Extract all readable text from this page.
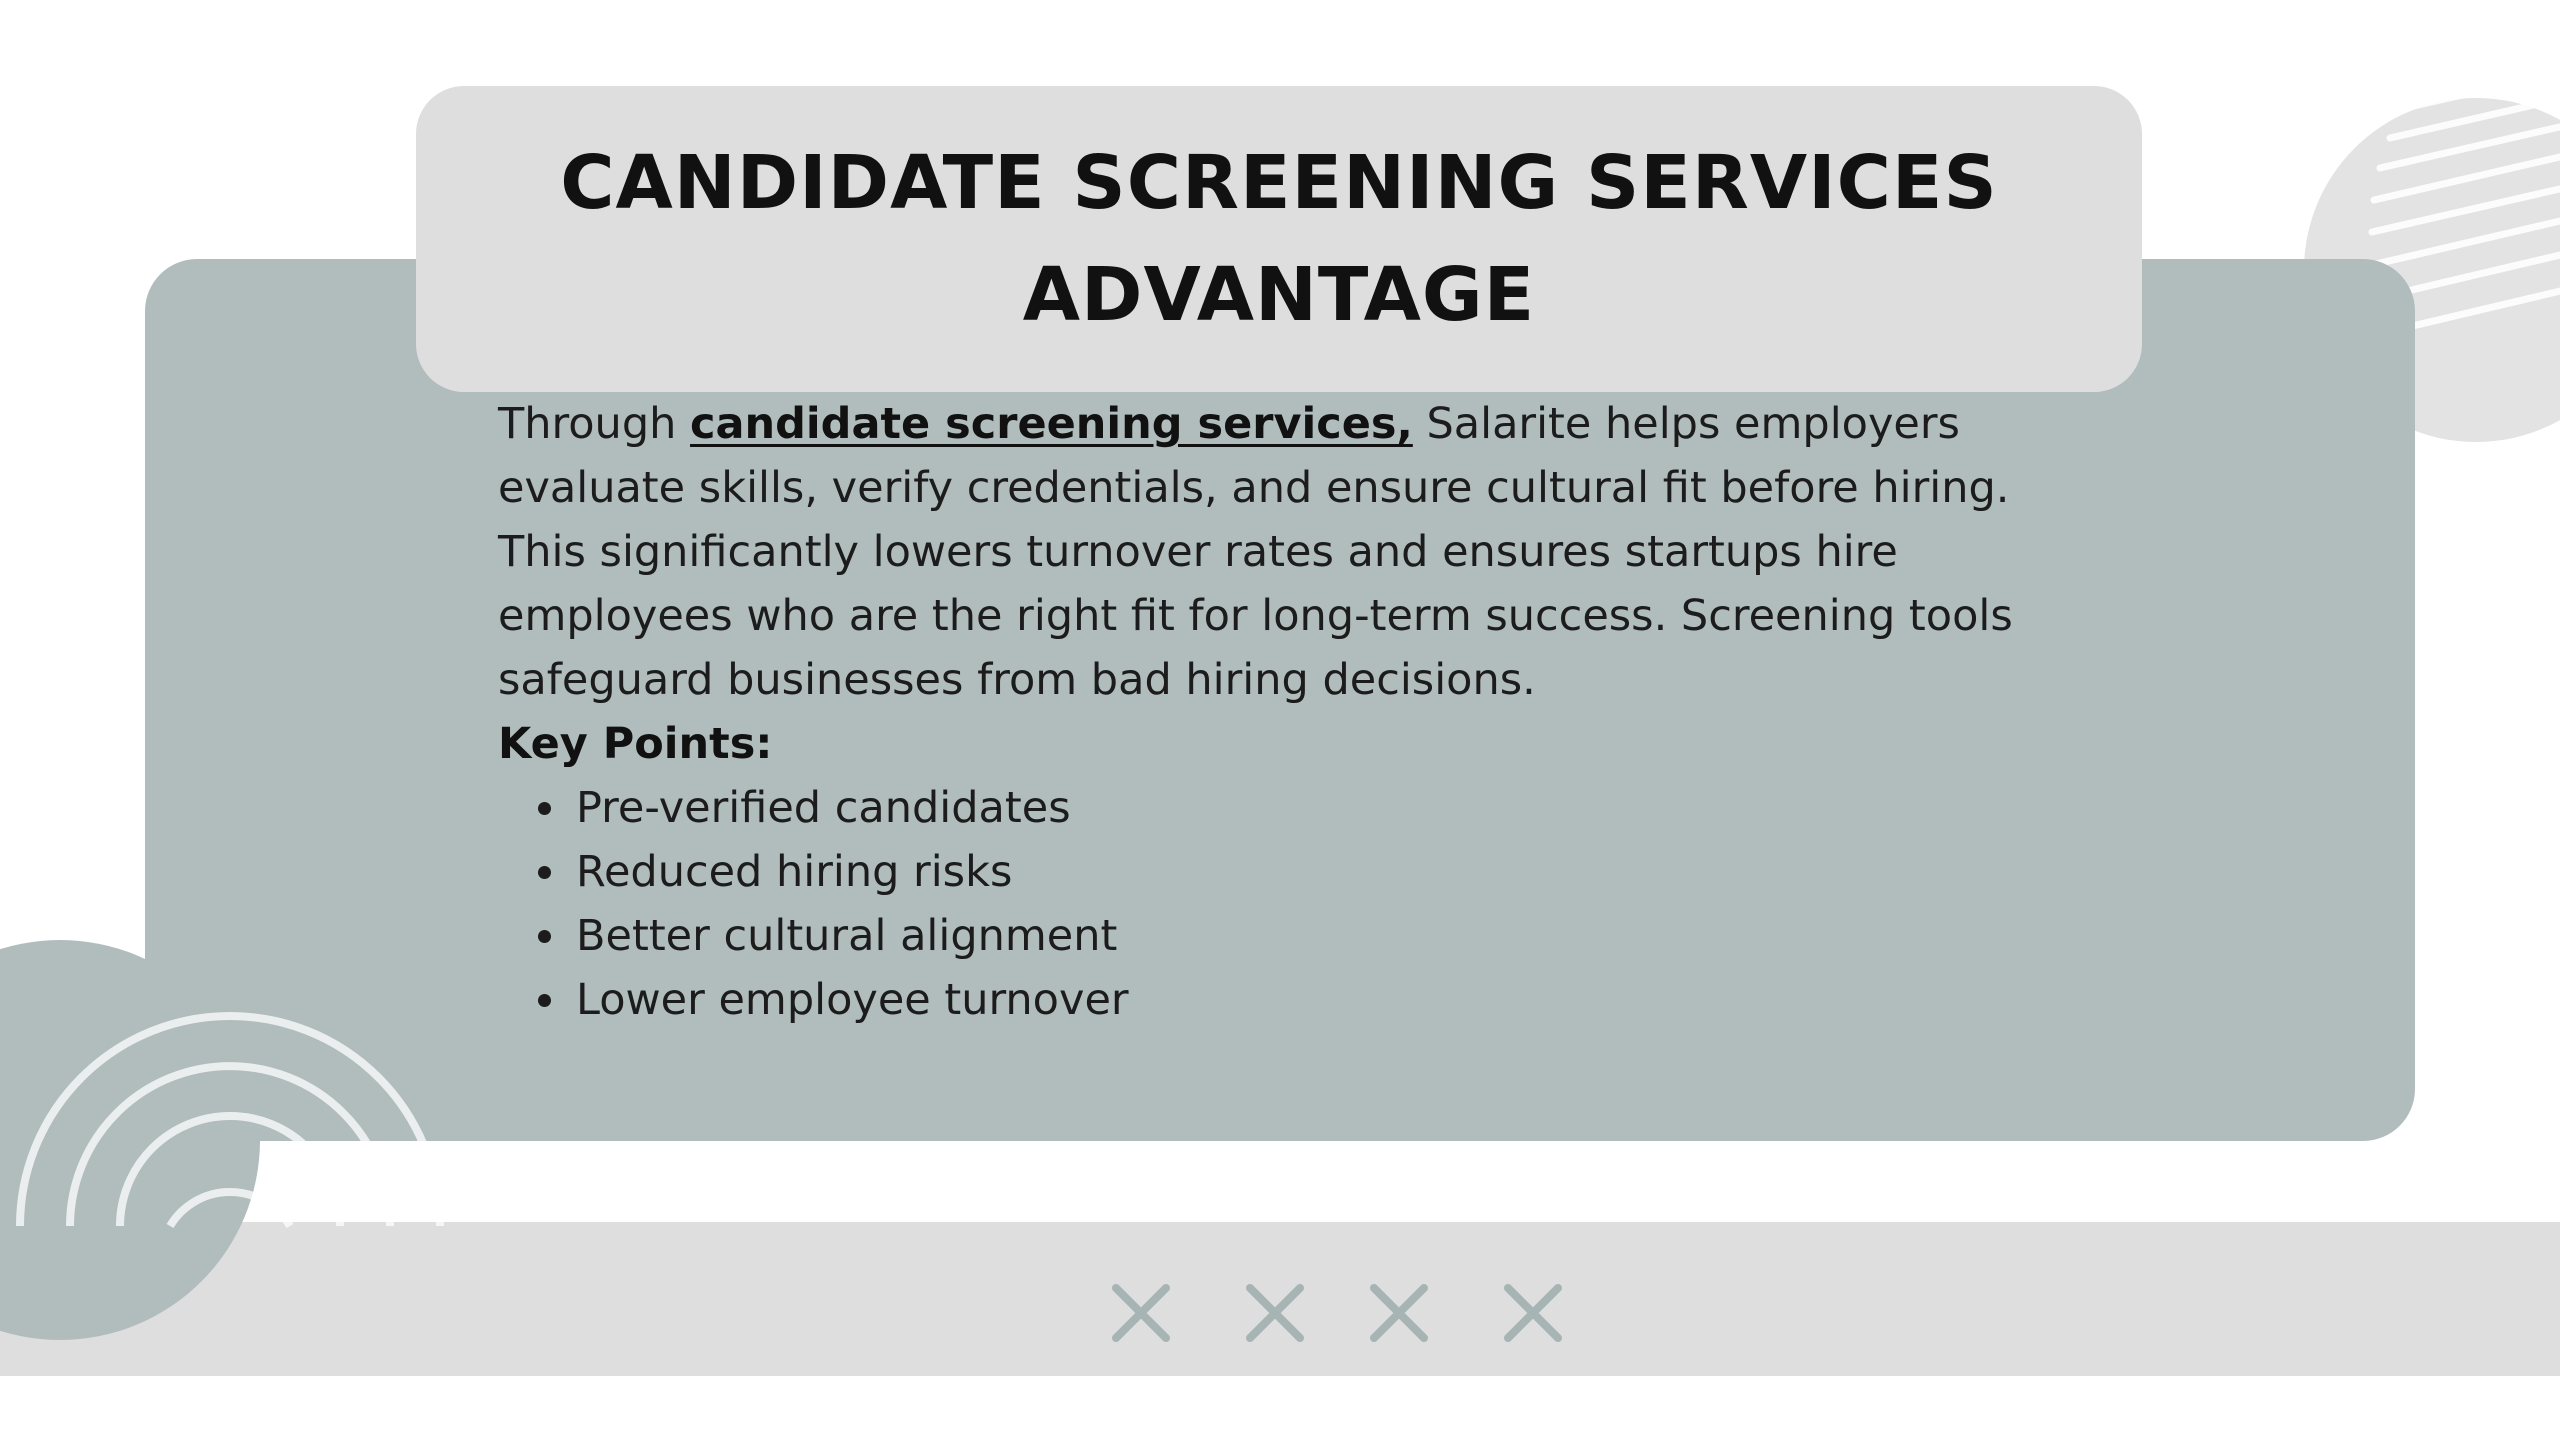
CANDIDATE SCREENING SERVICES
ADVANTAGE

Through candidate screening services, Salarite helps employers evaluate skills, verify credentials, and ensure cultural fit before hiring. This significantly lowers turnover rates and ensures startups hire employees who are the right fit for long-term success. Screening tools safeguard businesses from bad hiring decisions.

Key Points:

Pre-verified candidates
Reduced hiring risks
Better cultural alignment
Lower employee turnover
